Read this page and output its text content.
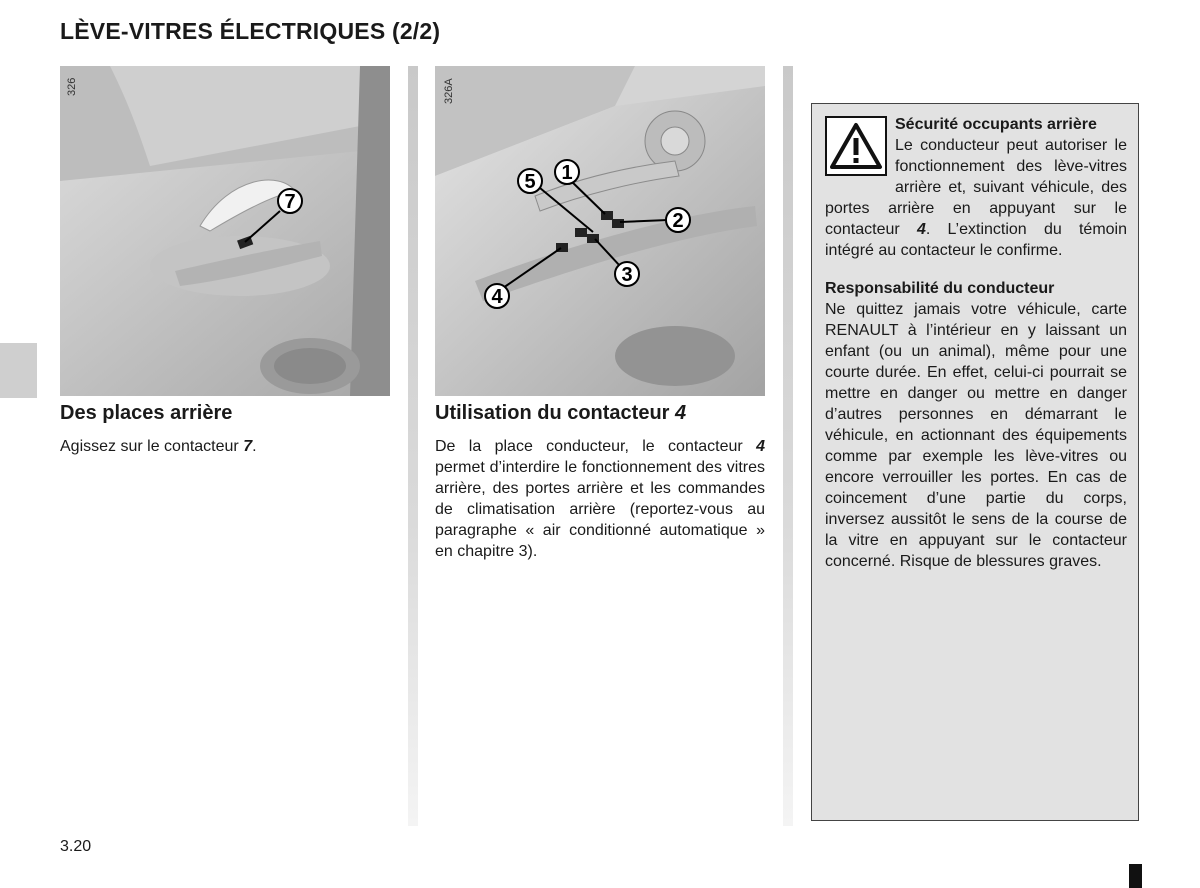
LÈVE-VITRES ÉLECTRIQUES (2/2)
7
326
1
2
3
4
5
326A
Des places arrière
Agissez sur le contacteur 7.
Utilisation du contacteur 4
De la place conducteur, le contacteur 4 permet d’interdire le fonctionnement des vitres arrière, des portes arrière et les commandes de climatisation arrière (reportez-vous au paragraphe « air conditionné automatique » en chapitre 3).
Sécurité occupants arrière
Le conducteur peut autoriser le fonctionnement des lève-vitres arrière et, suivant véhicule, des portes arrière en appuyant sur le contacteur 4. L’extinction du témoin intégré au contacteur le confirme.
Responsabilité du conducteur
Ne quittez jamais votre véhicule, carte RENAULT à l’intérieur en y laissant un enfant (ou un animal), même pour une courte durée. En effet, celui-ci pourrait se mettre en danger ou mettre en danger d’autres personnes en démarrant le véhicule, en actionnant des équipements comme par exemple les lève-vitres ou encore verrouiller les portes. En cas de coincement d’une partie du corps, inversez aussitôt le sens de la course de la vitre en appuyant sur le contacteur concerné. Risque de blessures graves.
3.20
